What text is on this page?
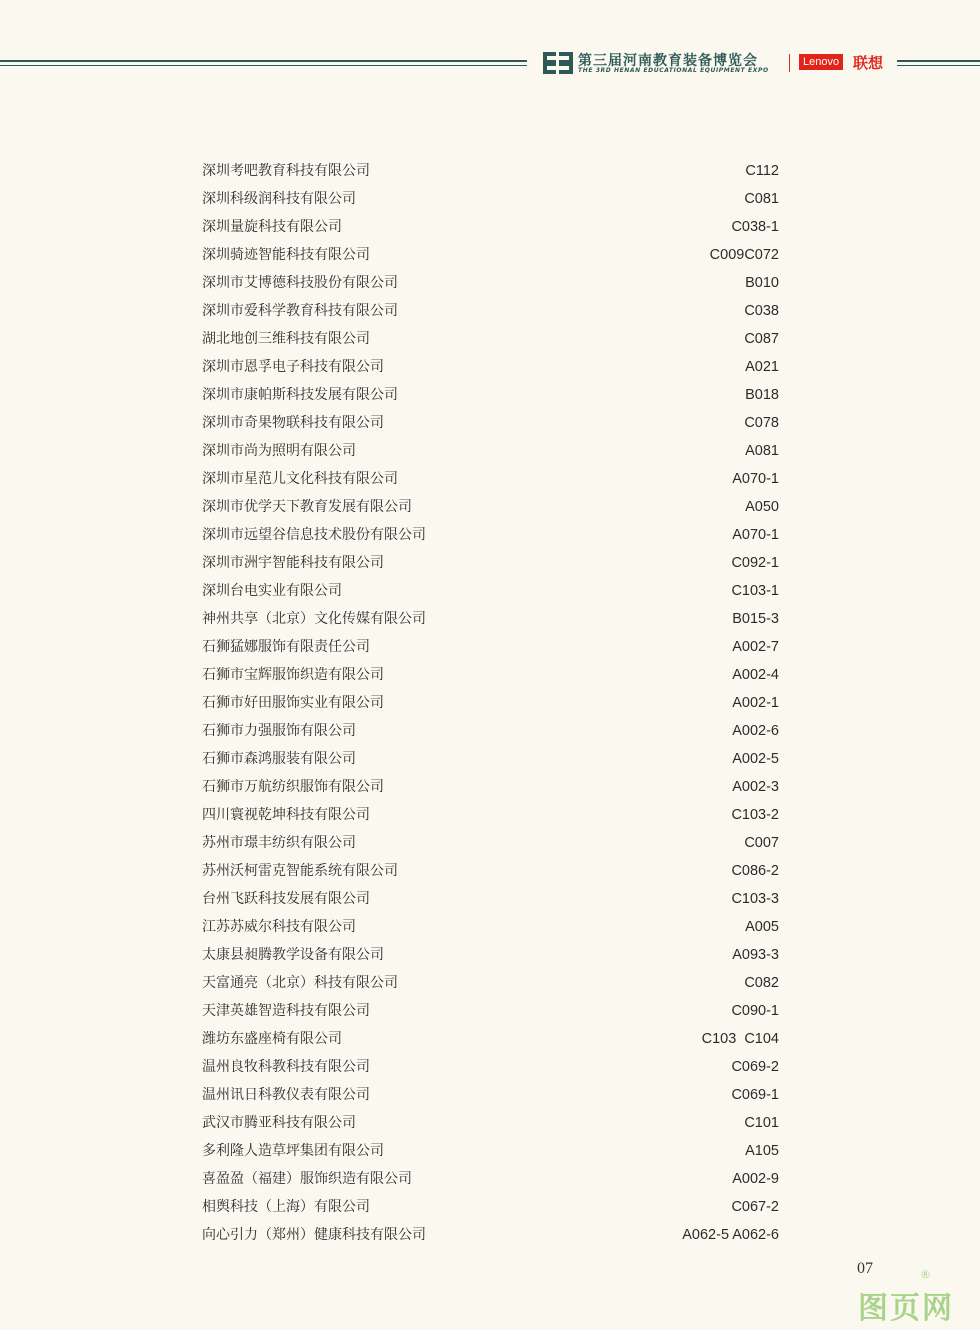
第三届河南教育装备博览会
THE 3RD HENAN EDUCATIONAL EQUIPMENT EXPO
Lenovo 联想
深圳考吧教育科技有限公司	C112
深圳科级润科技有限公司	C081
深圳量旋科技有限公司	C038-1
深圳骑迹智能科技有限公司	C009C072
深圳市艾博德科技股份有限公司	B010
深圳市爱科学教育科技有限公司	C038
湖北地创三维科技有限公司	C087
深圳市恩孚电子科技有限公司	A021
深圳市康帕斯科技发展有限公司	B018
深圳市奇果物联科技有限公司	C078
深圳市尚为照明有限公司	A081
深圳市星范儿文化科技有限公司	A070-1
深圳市优学天下教育发展有限公司	A050
深圳市远望谷信息技术股份有限公司	A070-1
深圳市洲宇智能科技有限公司	C092-1
深圳台电实业有限公司	C103-1
神州共享（北京）文化传媒有限公司	B015-3
石狮猛娜服饰有限责任公司	A002-7
石狮市宝辉服饰织造有限公司	A002-4
石狮市好田服饰实业有限公司	A002-1
石狮市力强服饰有限公司	A002-6
石狮市森鸿服装有限公司	A002-5
石狮市万航纺织服饰有限公司	A002-3
四川寰视乾坤科技有限公司	C103-2
苏州市璟丰纺织有限公司	C007
苏州沃柯雷克智能系统有限公司	C086-2
台州飞跃科技发展有限公司	C103-3
江苏苏威尔科技有限公司	A005
太康县昶腾教学设备有限公司	A093-3
天富通亮（北京）科技有限公司	C082
天津英雄智造科技有限公司	C090-1
潍坊东盛座椅有限公司	C103  C104
温州良牧科教科技有限公司	C069-2
温州讯日科教仪表有限公司	C069-1
武汉市腾亚科技有限公司	C101
多利隆人造草坪集团有限公司	A105
喜盈盈（福建）服饰织造有限公司	A002-9
相舆科技（上海）有限公司	C067-2
向心引力（郑州）健康科技有限公司	A062-5 A062-6
07
图页网
®
